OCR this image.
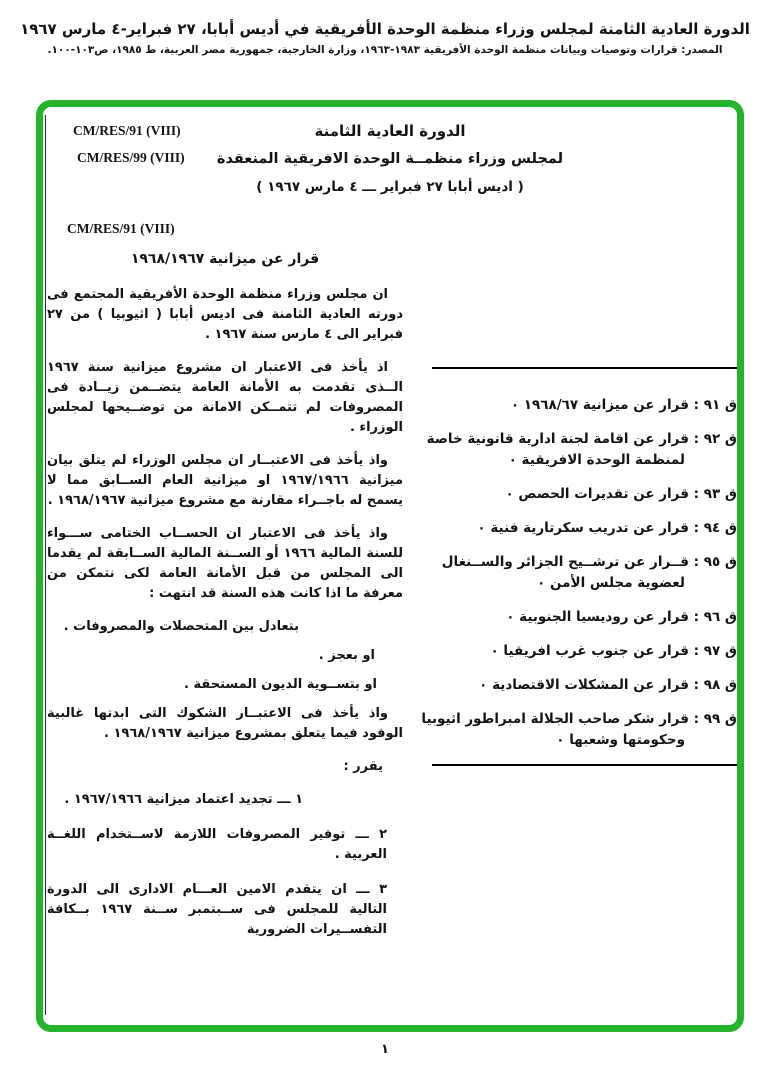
الدورة العادية الثامنة لمجلس وزراء منظمة الوحدة الأفريقية في أديس أبابا، ٢٧ فبراير-٤ مارس ١٩٦٧
المصدر: قرارات وتوصيات وبيانات منظمة الوحدة الأفريقية ١٩٨٣-١٩٦٣، وزارة الخارجية، جمهورية مصر العربية، ط ١٩٨٥، ص١٠٣-١٠٠.
CM/RES/91 (VIII)
CM/RES/99 (VIII)
الدورة العادية الثامنة
لمجلس وزراء منظمــة الوحدة الافريقية المنعقدة
( اديس أبابا ٢٧ فبراير ـــ ٤ مارس ١٩٦٧ )
CM/RES/91 (VIII)
قرار عن ميزانية ١٩٦٨/١٩٦٧

ان مجلس وزراء منظمة الوحدة الأفريقية المجتمع فى دورته العادية الثامنة فى اديس أبابا ( اثيوبيا ) من ٢٧ فبراير الى ٤ مارس سنة ١٩٦٧ .

اذ يأخذ فى الاعتبار ان مشروع ميزانية سنة ١٩٦٧ الــذى تقدمت به الأمانة العامة يتضــمن زيــادة فى المصروفات لم تتمــكن الامانة من توضــيحها لمجلس الوزراء .

واذ يأخذ فى الاعتبــار ان مجلس الوزراء لم يتلق بيان ميزانية ١٩٦٧/١٩٦٦ او ميزانية العام الســابق مما لا يسمح له باجــراء مقارنة مع مشروع ميزانية ١٩٦٨/١٩٦٧ .

واذ يأخذ فى الاعتبار ان الحســاب الختامى ســـواء للسنة المالية ١٩٦٦ أو الســنة المالية الســابقة لم يقدما الى المجلس من قبل الأمانة العامة لكى نتمكن من معرفة ما اذا كانت هذه السنة قد انتهت :

بتعادل بين المتحصلات والمصروفات .

او بعجز .

او بتســوية الديون المستحقة .

واذ يأخذ فى الاعتبــار الشكوك التى ابدتها غالبية الوفود فيما يتعلق بمشروع ميزانية ١٩٦٨/١٩٦٧ .

يقرر :

١ ـــ تجديد اعتماد ميزانية ١٩٦٧/١٩٦٦ .

٢ ـــ توفير المصروفات اللازمة لاســتخدام اللغــة العربية .

٣ ـــ ان يتقدم الامين العـــام الادارى الى الدورة التالية للمجلس فى ســبتمبر ســنة ١٩٦٧ بــكافة التفســيرات الضرورية

ق ٩١ : قرار عن ميزانية ١٩٦٨/٦٧ ٠
ق ٩٢ : قرار عن اقامة لجنة ادارية قانونية خاصة لمنظمة الوحدة الافريقية ٠
ق ٩٣ : قرار عن تقديرات الحصص ٠
ق ٩٤ : قرار عن تدريب سكرتارية فنية ٠
ق ٩٥ : قــرار عن ترشــيح الجزائر والســنغال لعضوية مجلس الأمن ٠
ق ٩٦ : قرار عن روديسيا الجنوبية ٠
ق ٩٧ : قرار عن جنوب غرب افريقيا ٠
ق ٩٨ : قرار عن المشكلات الاقتصادية ٠
ق ٩٩ : قرار شكر صاحب الجلالة امبراطور اثيوبيا وحكومتها وشعبها ٠
١
